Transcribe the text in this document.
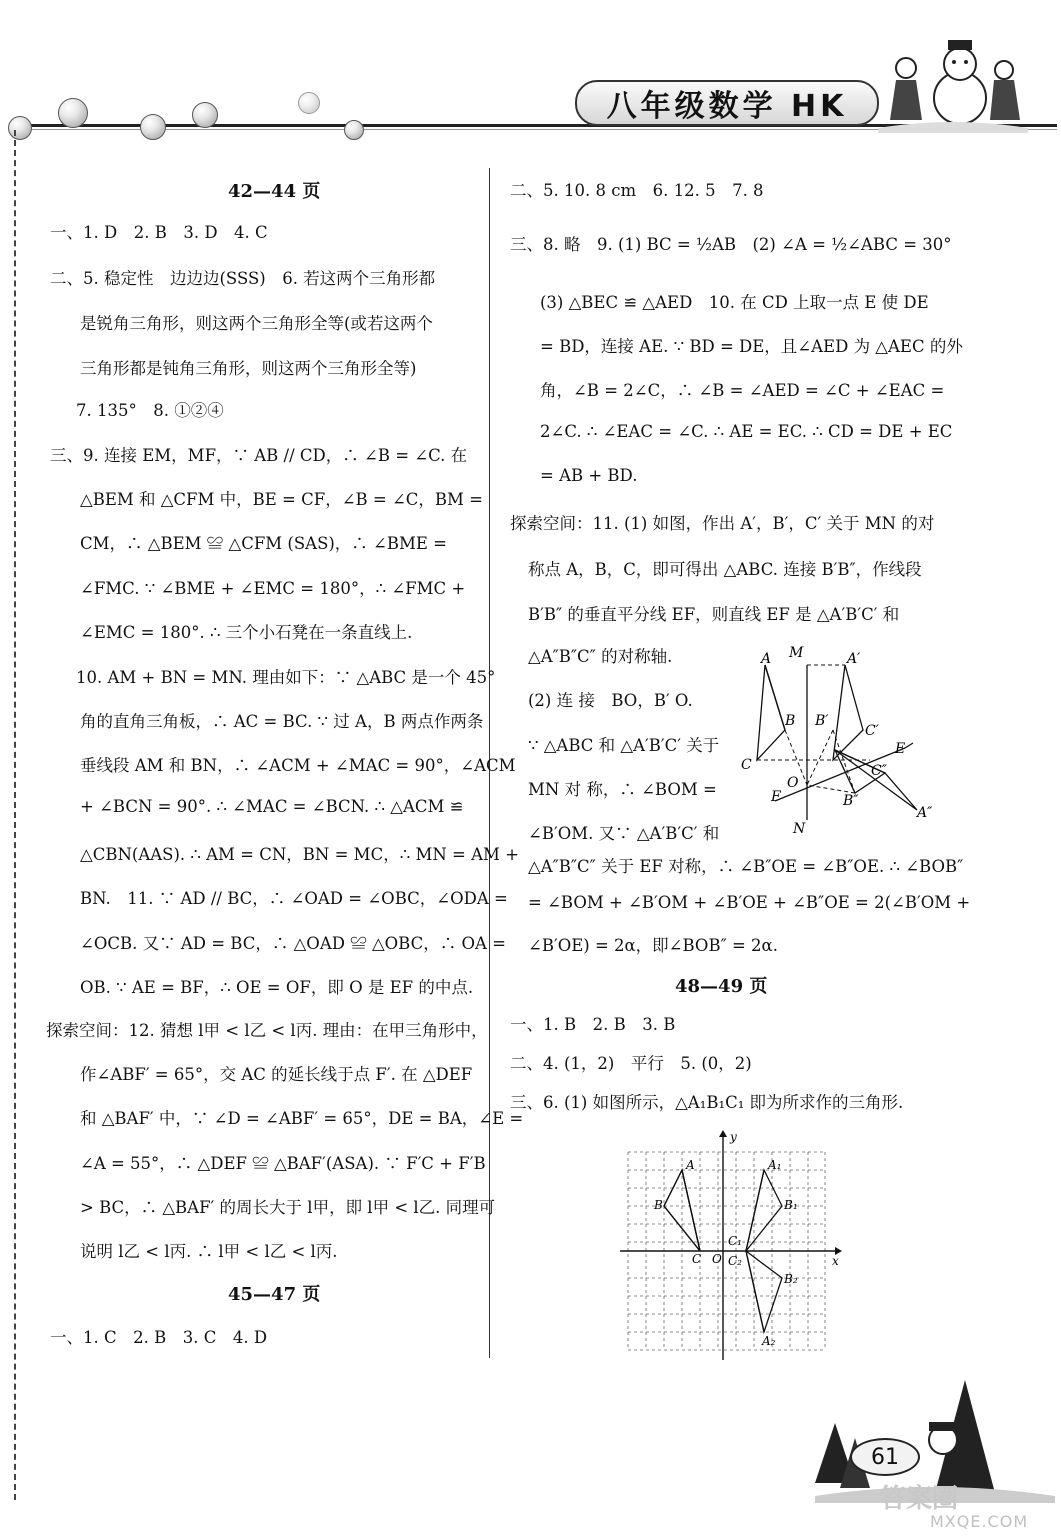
八年级数学 HK
42—44 页
一、1. D　2. B　3. D　4. C
二、5. 稳定性　边边边(SSS)　6. 若这两个三角形都
是锐角三角形，则这两个三角形全等(或若这两个
三角形都是钝角三角形，则这两个三角形全等)
7. 135°　8. ①②④
三、9. 连接 EM，MF，∵ AB // CD，∴ ∠B = ∠C. 在
△BEM 和 △CFM 中，BE = CF，∠B = ∠C，BM =
CM，∴ △BEM ≌ △CFM (SAS)，∴ ∠BME =
∠FMC. ∵ ∠BME + ∠EMC = 180°，∴ ∠FMC +
∠EMC = 180°. ∴ 三个小石凳在一条直线上.
10. AM + BN = MN. 理由如下：∵ △ABC 是一个 45°
角的直角三角板，∴ AC = BC. ∵ 过 A，B 两点作两条
垂线段 AM 和 BN，∴ ∠ACM + ∠MAC = 90°，∠ACM
+ ∠BCN = 90°. ∴ ∠MAC = ∠BCN. ∴ △ACM ≌
△CBN(AAS). ∴ AM = CN，BN = MC，∴ MN = AM +
BN.　11. ∵ AD // BC，∴ ∠OAD = ∠OBC，∠ODA =
∠OCB. 又∵ AD = BC，∴ △OAD ≌ △OBC，∴ OA =
OB. ∵ AE = BF，∴ OE = OF，即 O 是 EF 的中点.
探索空间：12. 猜想 l甲 < l乙 < l丙. 理由：在甲三角形中，
作∠ABF′ = 65°，交 AC 的延长线于点 F′. 在 △DEF
和 △BAF′ 中，∵ ∠D = ∠ABF′ = 65°，DE = BA，∠E =
∠A = 55°，∴ △DEF ≌ △BAF′(ASA). ∵ F′C + F′B
> BC，∴ △BAF′ 的周长大于 l甲，即 l甲 < l乙. 同理可
说明 l乙 < l丙. ∴ l甲 < l乙 < l丙.
45—47 页
一、1. C　2. B　3. C　4. D
二、5. 10. 8 cm　6. 12. 5　7. 8
三、8. 略　9. (1) BC = ½AB　(2) ∠A = ½∠ABC = 30°
(3) △BEC ≌ △AED　10. 在 CD 上取一点 E 使 DE
= BD，连接 AE. ∵ BD = DE，且∠AED 为 △AEC 的外
角，∠B = 2∠C，∴ ∠B = ∠AED = ∠C + ∠EAC =
2∠C. ∴ ∠EAC = ∠C. ∴ AE = EC. ∴ CD = DE + EC
= AB + BD.
探索空间：11. (1) 如图，作出 A′，B′，C′ 关于 MN 的对
称点 A，B，C，即可得出 △ABC. 连接 B′B″，作线段
B′B″ 的垂直平分线 EF，则直线 EF 是 △A′B′C′ 和
△A″B″C″ 的对称轴.
(2) 连 接　BO，B′ O.
∵ △ABC 和 △A′B′C′ 关于
MN 对 称，∴ ∠BOM =
∠B′OM. 又∵ △A′B′C′ 和
△A″B″C″ 关于 EF 对称，∴ ∠B″OE = ∠B″OE. ∴ ∠BOB″
= ∠BOM + ∠B′OM + ∠B′OE + ∠B″OE = 2(∠B′OM +
∠B′OE) = 2α，即∠BOB″ = 2α.
48—49 页
一、1. B　2. B　3. B
二、4. (1，2)　平行　5. (0，2)
三、6. (1) 如图所示，△A₁B₁C₁ 即为所求作的三角形.
M
N
E
F
O
A
B
C
A′
B′
C′
A″
B″
C″
y
x
O
A
B
C
A₁
B₁
C₁
A₂
B₂
C₂
61
答案圈
MXQE.COM
